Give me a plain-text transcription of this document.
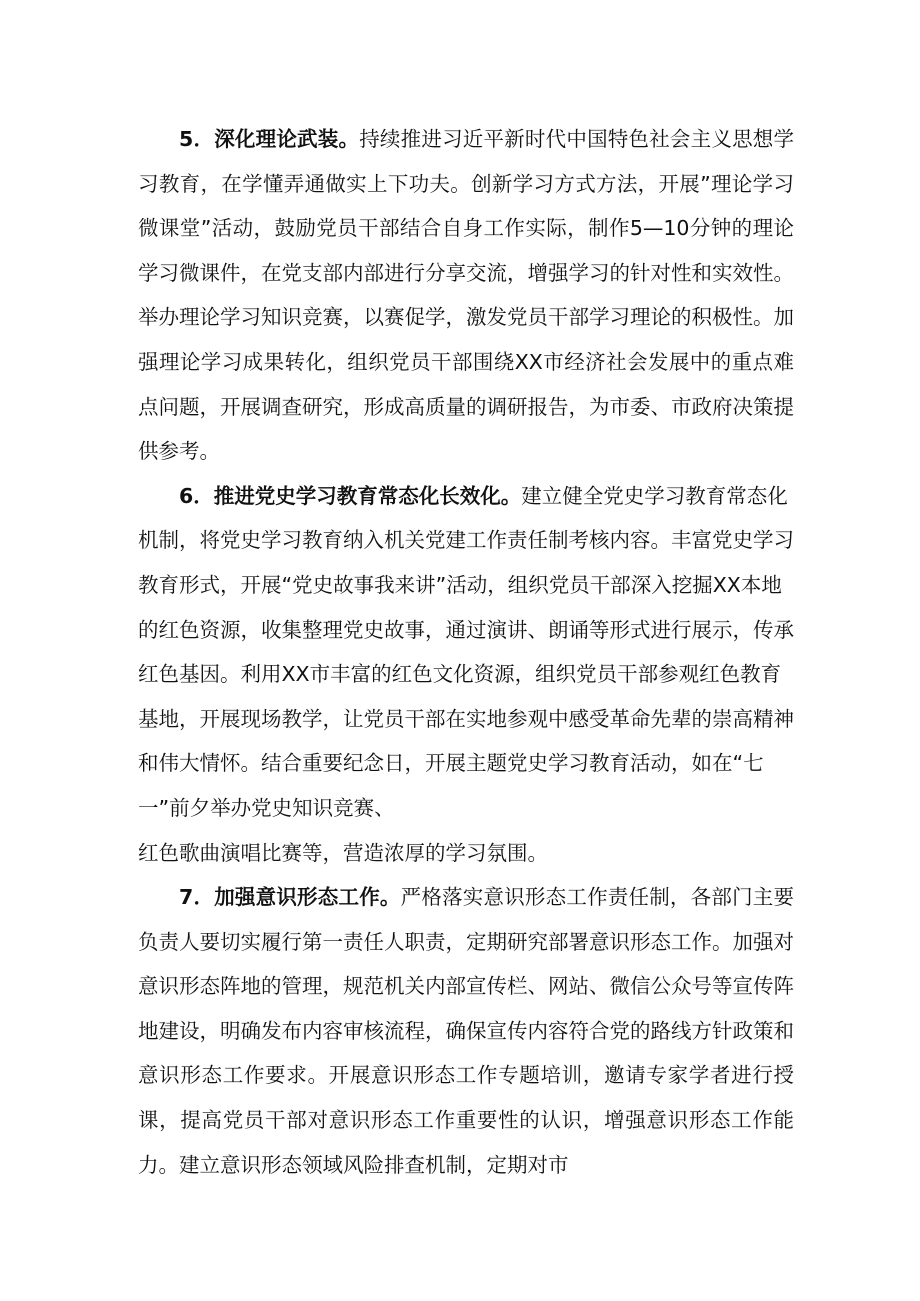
5．深化理论武装。持续推进习近平新时代中国特色社会主义思想学习教育，在学懂弄通做实上下功夫。创新学习方式方法，开展”理论学习微课堂”活动，鼓励党员干部结合自身工作实际，制作5—10分钟的理论学习微课件，在党支部内部进行分享交流，增强学习的针对性和实效性。举办理论学习知识竞赛，以赛促学，激发党员干部学习理论的积极性。加强理论学习成果转化，组织党员干部围绕XX市经济社会发展中的重点难点问题，开展调查研究，形成高质量的调研报告，为市委、市政府决策提供参考。

6．推进党史学习教育常态化长效化。建立健全党史学习教育常态化机制，将党史学习教育纳入机关党建工作责任制考核内容。丰富党史学习教育形式，开展“党史故事我来讲”活动，组织党员干部深入挖掘XX本地的红色资源，收集整理党史故事，通过演讲、朗诵等形式进行展示，传承红色基因。利用XX市丰富的红色文化资源，组织党员干部参观红色教育基地，开展现场教学，让党员干部在实地参观中感受革命先辈的崇高精神和伟大情怀。结合重要纪念日，开展主题党史学习教育活动，如在“七一”前夕举办党史知识竞赛、

红色歌曲演唱比赛等，营造浓厚的学习氛围。

7．加强意识形态工作。严格落实意识形态工作责任制，各部门主要负责人要切实履行第一责任人职责，定期研究部署意识形态工作。加强对意识形态阵地的管理，规范机关内部宣传栏、网站、微信公众号等宣传阵地建设，明确发布内容审核流程，确保宣传内容符合党的路线方针政策和意识形态工作要求。开展意识形态工作专题培训，邀请专家学者进行授课，提高党员干部对意识形态工作重要性的认识，增强意识形态工作能力。建立意识形态领域风险排查机制，定期对市
